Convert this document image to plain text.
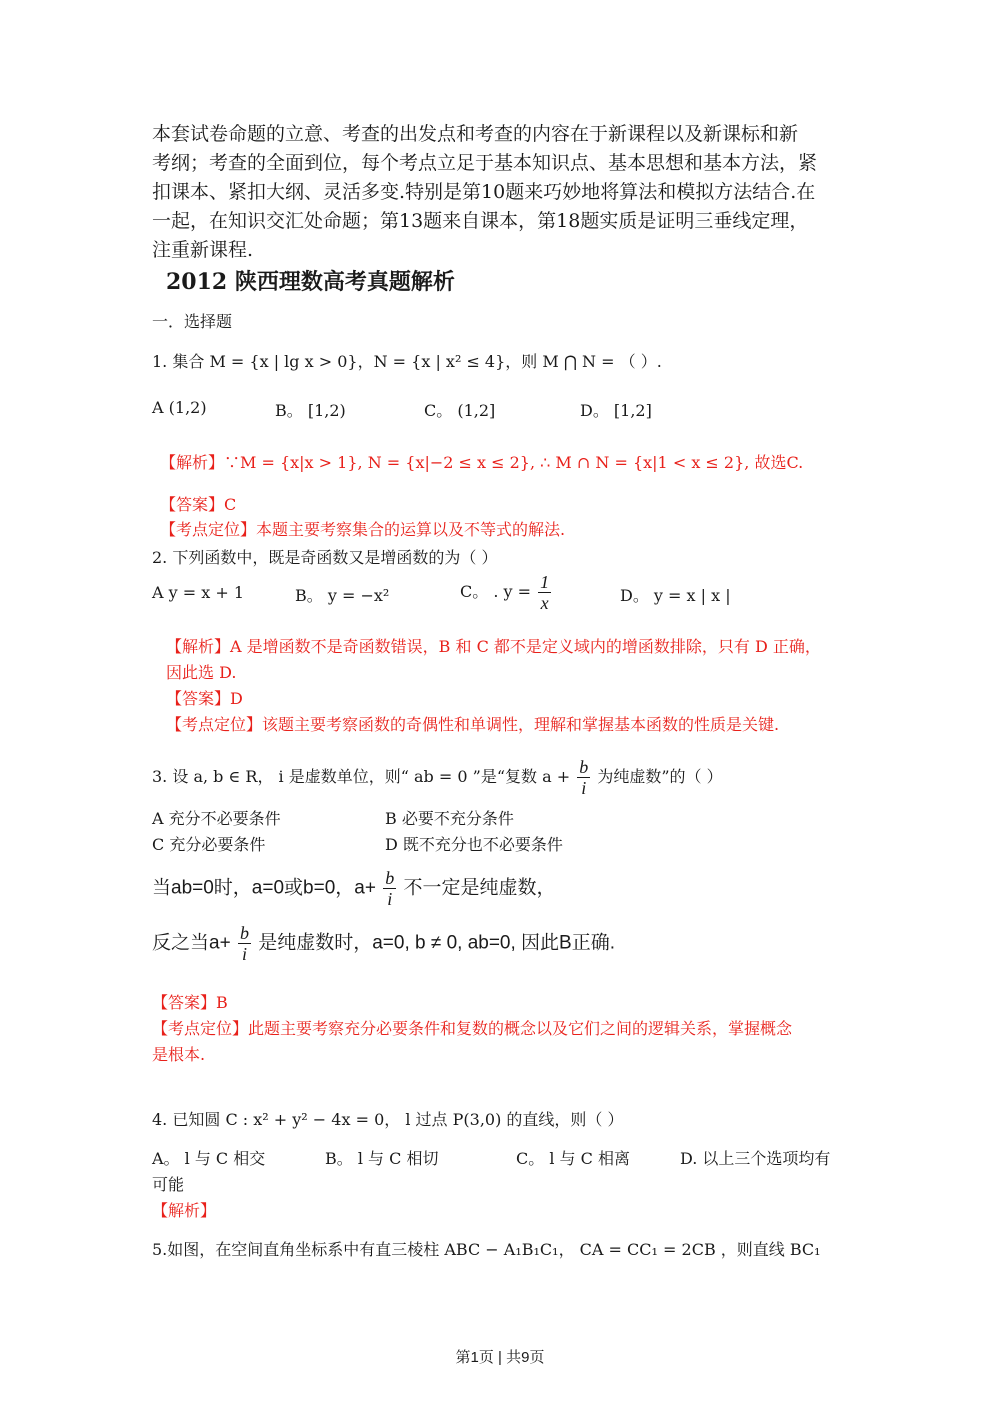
本套试卷命题的立意、考查的出发点和考查的内容在于新课程以及新课标和新
考纲；考查的全面到位，每个考点立足于基本知识点、基本思想和基本方法，紧
扣课本、紧扣大纲、灵活多变.特别是第10题来巧妙地将算法和模拟方法结合.在
一起，在知识交汇处命题；第13题来自课本，第18题实质是证明三垂线定理，
注重新课程.
2012 陕西理数高考真题解析
一．选择题
1. 集合 M = {x | lg x > 0}，N = {x | x² ≤ 4}，则 M ⋂ N = （ ）.
A (1,2)	B。 [1,2)	C。 (1,2]	D。 [1,2]
【解析】∵M = {x|x > 1}, N = {x|−2 ≤ x ≤ 2}, ∴ M ∩ N = {x|1 < x ≤ 2}, 故选C.
【答案】C
【考点定位】本题主要考察集合的运算以及不等式的解法.
2. 下列函数中，既是奇函数又是增函数的为（ ）
A y = x + 1	B。 y = −x²	C。 . $y = \frac{1}{x}$	D。 y = x | x |
【解析】A 是增函数不是奇函数错误，B 和 C 都不是定义域内的增函数排除，只有 D 正确，
因此选 D.
【答案】D
【考点定位】该题主要考察函数的奇偶性和单调性，理解和掌握基本函数的性质是关键.
3. 设 a, b ∈ R， i 是虚数单位，则“ ab = 0 ”是“复数 $a + \frac{b}{i}$ 为纯虚数”的（ ）
A 充分不必要条件	B 必要不充分条件
C 充分必要条件	D 既不充分也不必要条件
当ab=0时，a=0或b=0，$a+ \frac{b}{i}$ 不一定是纯虚数，
反之当$a+ \frac{b}{i}$ 是纯虚数时，a=0, b ≠ 0, ab=0, 因此B正确.
【答案】B
【考点定位】此题主要考察充分必要条件和复数的概念以及它们之间的逻辑关系，掌握概念
是根本.
4. 已知圆 C : x² + y² − 4x = 0， l 过点 P(3,0) 的直线，则（ ）
A。 l 与 C 相交	B。 l 与 C 相切	C。 l 与 C 相离	D. 以上三个选项均有
可能
【解析】
5.如图，在空间直角坐标系中有直三棱柱 ABC − A₁B₁C₁， CA = CC₁ = 2CB ，则直线 BC₁
第1页 | 共9页
